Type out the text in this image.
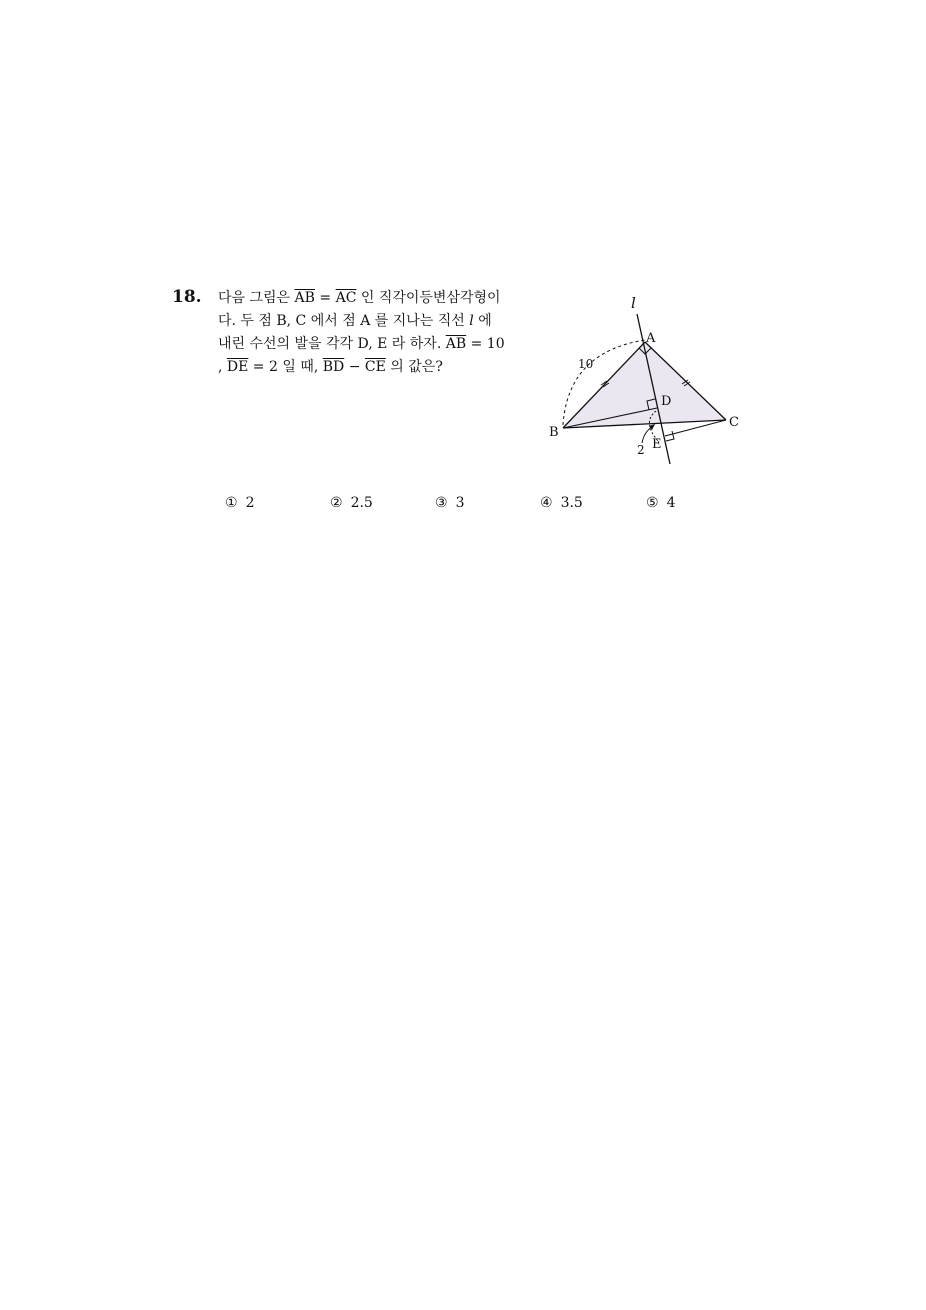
18. 다음 그림은 $\overline{AB} = \overline{AC}$ 인 직각이등변삼각형이
다. 두 점 B, C 에서 점 A 를 지나는 직선 l 에
내린 수선의 발을 각각 D, E 라 하자. $\overline{AB} = 10$
, $\overline{DE} = 2$ 일 때, $\overline{BD} - \overline{CE}$ 의 값은?
l
A
B
C
D
E
10
2
① 2	② 2.5	③ 3	④ 3.5	⑤ 4
